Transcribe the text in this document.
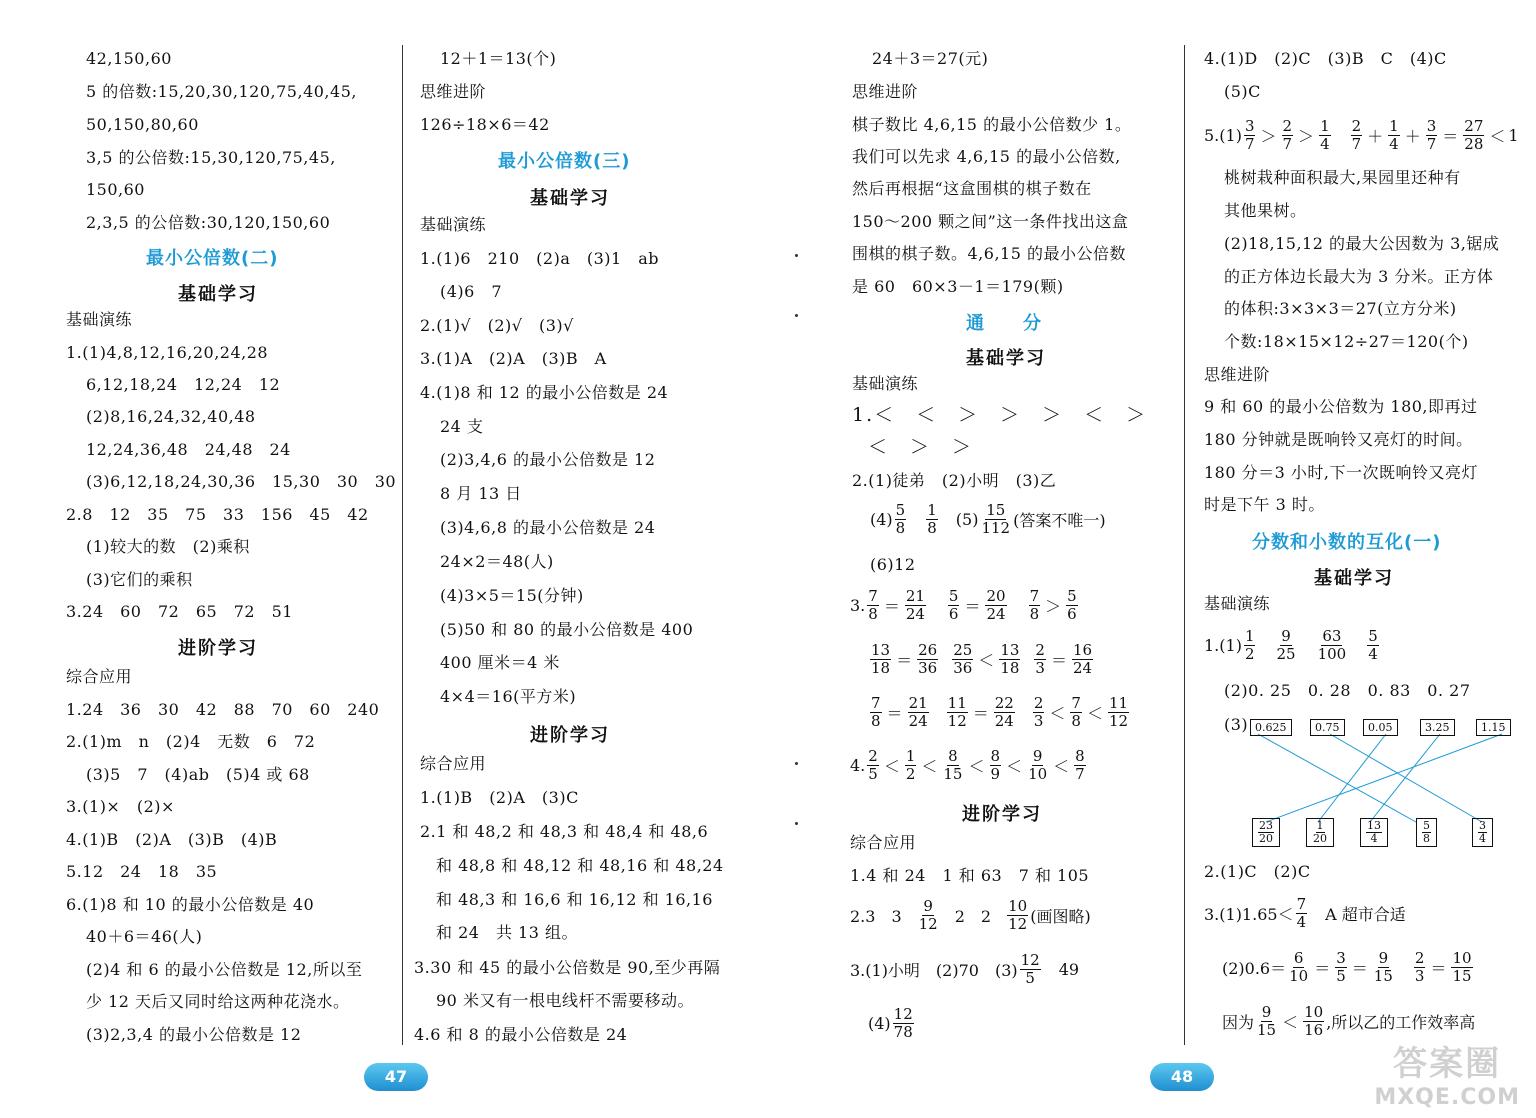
42,150,60
5 的倍数:15,20,30,120,75,40,45,
50,150,80,60
3,5 的公倍数:15,30,120,75,45,
150,60
2,3,5 的公倍数:30,120,150,60
最小公倍数(二)
基础学习
基础演练
1.(1)4,8,12,16,20,24,28
6,12,18,24　12,24　12
(2)8,16,24,32,40,48
12,24,36,48　24,48　24
(3)6,12,18,24,30,36　15,30　30　30
2.8　12　35　75　33　156　45　42
(1)较大的数　(2)乘积
(3)它们的乘积
3.24　60　72　65　72　51
进阶学习
综合应用
1.24　36　30　42　88　70　60　240
2.(1)m　n　(2)4　无数　6　72
(3)5　7　(4)ab　(5)4 或 68
3.(1)×　(2)×
4.(1)B　(2)A　(3)B　(4)B
5.12　24　18　35
6.(1)8 和 10 的最小公倍数是 40
40＋6＝46(人)
(2)4 和 6 的最小公倍数是 12,所以至
少 12 天后又同时给这两种花浇水。
(3)2,3,4 的最小公倍数是 12
12＋1＝13(个)
思维进阶
126÷18×6＝42
最小公倍数(三)
基础学习
基础演练
1.(1)6　210　(2)a　(3)1　ab
(4)6　7
2.(1)√　(2)√　(3)√
3.(1)A　(2)A　(3)B　A
4.(1)8 和 12 的最小公倍数是 24
24 支
(2)3,4,6 的最小公倍数是 12
8 月 13 日
(3)4,6,8 的最小公倍数是 24
24×2＝48(人)
(4)3×5＝15(分钟)
(5)50 和 80 的最小公倍数是 400
400 厘米＝4 米
4×4＝16(平方米)
进阶学习
综合应用
1.(1)B　(2)A　(3)C
2.1 和 48,2 和 48,3 和 48,4 和 48,6
和 48,8 和 48,12 和 48,16 和 48,24
和 48,3 和 16,6 和 16,12 和 16,16
和 24　共 13 组。
3.30 和 45 的最小公倍数是 90,至少再隔
90 米又有一根电线杆不需要移动。
4.6 和 8 的最小公倍数是 24
24＋3＝27(元)
思维进阶
棋子数比 4,6,15 的最小公倍数少 1。
我们可以先求 4,6,15 的最小公倍数,
然后再根据“这盒围棋的棋子数在
150～200 颗之间”这一条件找出这盒
围棋的棋子数。4,6,15 的最小公倍数
是 60　60×3－1＝179(颗)
通　　分
基础学习
基础演练
1.＜　＜　＞　＞　＞　＜　＞
＜　＞　＞
2.(1)徒弟　(2)小明　(3)乙
$(4) \frac{5}{8} \frac{1}{8} (5) \frac{15}{112}$ (答案不唯一)
(6)12
3. $\frac{7}{8} = \frac{21}{24} \frac{5}{6} = \frac{20}{24} \frac{7}{8} > \frac{5}{6}$
$\frac{13}{18} = \frac{26}{36} \frac{25}{36} < \frac{13}{18} \frac{2}{3} = \frac{16}{24}$
$\frac{7}{8} = \frac{21}{24} \frac{11}{12} = \frac{22}{24} \frac{2}{3} < \frac{7}{8} < \frac{11}{12}$
4. $\frac{2}{5} < \frac{1}{2} < \frac{8}{15} < \frac{8}{9} < \frac{9}{10} < \frac{8}{7}$
进阶学习
综合应用
1.4 和 24　1 和 63　7 和 105
2.3　$3 \frac{9}{12} 2$　$2 \frac{10}{12}$ (画图略)
3.(1)小明　(2)70　$(3) \frac{12}{5} 49$
$(4) \frac{12}{78}$
4.(1)D　(2)C　(3)B　C　(4)C
(5)C
$5.(1) \frac{3}{7} > \frac{2}{7} > \frac{1}{4} \frac{2}{7} + \frac{1}{4} + \frac{3}{7} = \frac{27}{28} < 1$
桃树栽种面积最大,果园里还种有
其他果树。
(2)18,15,12 的最大公因数为 3,锯成
的正方体边长最大为 3 分米。正方体
的体积:3×3×3＝27(立方分米)
个数:18×15×12÷27＝120(个)
思维进阶
9 和 60 的最小公倍数为 180,即再过
180 分钟就是既响铃又亮灯的时间。
180 分＝3 小时,下一次既响铃又亮灯
时是下午 3 时。
分数和小数的互化(一)
基础学习
基础演练
$1.(1) \frac{1}{2} \frac{9}{25} \frac{63}{100} \frac{5}{4}$
(2)0. 25　0. 28　0. 83　0. 27
(3) 0.625	0.75	0.05	3.25	1.15
$\frac{23}{20}$	$\frac{1}{20}$	$\frac{13}{4}$	$\frac{5}{8}$	$\frac{3}{4}$
2.(1)C　(2)C
$3.(1)1.65< \frac{7}{4}$ A 超市合适
$(2)0.6= \frac{6}{10} = \frac{3}{5} = \frac{9}{15} \frac{2}{3} = \frac{10}{15}$
因为 $\frac{9}{15} < \frac{10}{16}$ ,所以乙的工作效率高
47	48	答案圈
MXQE.COM
